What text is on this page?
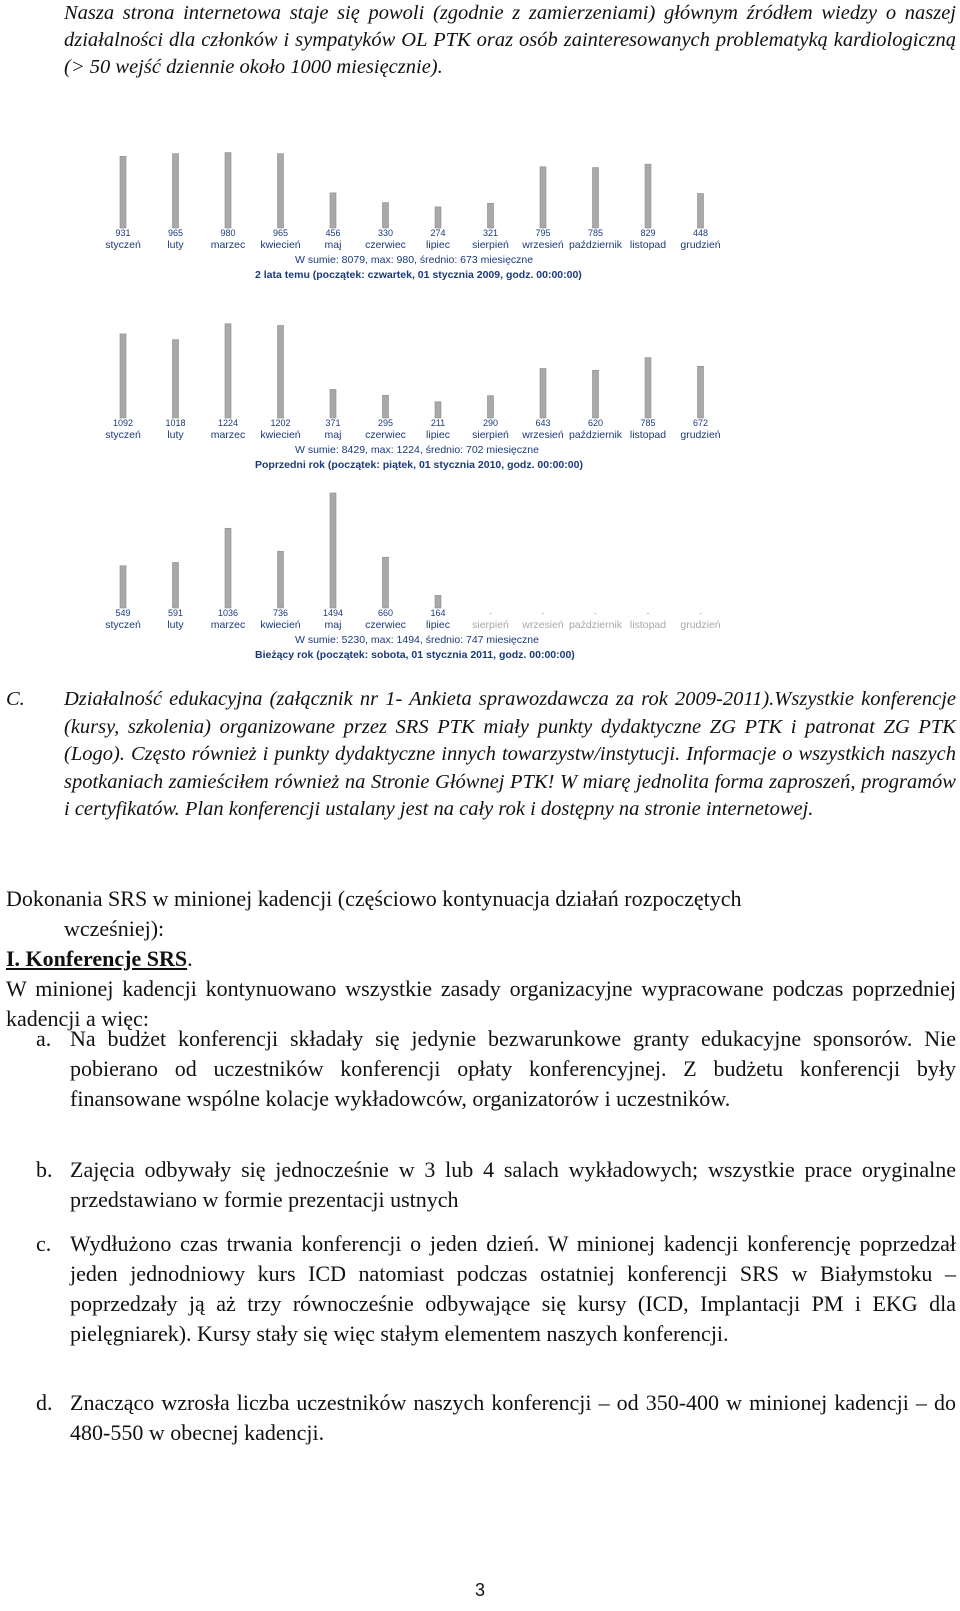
Nasza strona internetowa staje się powoli (zgodnie z zamierzeniami) głównym źródłem wiedzy o naszej działalności dla członków i sympatyków OL PTK oraz osób zainteresowanych problematyką kardiologiczną (> 50 wejść dziennie około 1000 miesięcznie).
931
styczeń
965
luty
980
marzec
965
kwiecień
456
maj
330
czerwiec
274
lipiec
321
sierpień
795
wrzesień
785
październik
829
listopad
448
grudzień
W sumie: 8079, max: 980, średnio: 673 miesięczne
2 lata temu (początek: czwartek, 01 stycznia 2009, godz. 00:00:00)
1092
styczeń
1018
luty
1224
marzec
1202
kwiecień
371
maj
295
czerwiec
211
lipiec
290
sierpień
643
wrzesień
620
październik
785
listopad
672
grudzień
W sumie: 8429, max: 1224, średnio: 702 miesięczne
Poprzedni rok (początek: piątek, 01 stycznia 2010, godz. 00:00:00)
549
styczeń
591
luty
1036
marzec
736
kwiecień
1494
maj
660
czerwiec
164
lipiec
-
sierpień
-
wrzesień
-
październik
-
listopad
-
grudzień
W sumie: 5230, max: 1494, średnio: 747 miesięczne
Bieżący rok (początek: sobota, 01 stycznia 2011, godz. 00:00:00)
C. Działalność edukacyjna (załącznik nr 1- Ankieta sprawozdawcza za rok 2009-2011).Wszystkie konferencje (kursy, szkolenia) organizowane przez SRS PTK miały punkty dydaktyczne ZG PTK i patronat ZG PTK (Logo). Często również i punkty dydaktyczne innych towarzystw/instytucji. Informacje o wszystkich naszych spotkaniach zamieściłem również na Stronie Głównej PTK! W miarę jednolita forma zaproszeń, programów i certyfikatów. Plan konferencji ustalany jest na cały rok i dostępny na stronie internetowej.
Dokonania SRS w minionej kadencji (częściowo kontynuacja działań rozpoczętych
wcześniej):
I. Konferencje SRS.
W minionej kadencji kontynuowano wszystkie zasady organizacyjne wypracowane podczas poprzedniej kadencji a więc:
a. Na budżet konferencji składały się jedynie bezwarunkowe granty edukacyjne sponsorów. Nie pobierano od uczestników konferencji opłaty konferencyjnej. Z budżetu konferencji były finansowane wspólne kolacje wykładowców, organizatorów i uczestników.
b. Zajęcia odbywały się jednocześnie w 3 lub 4 salach wykładowych; wszystkie prace oryginalne przedstawiano w formie prezentacji ustnych
c. Wydłużono czas trwania konferencji o jeden dzień. W minionej kadencji konferencję poprzedzał jeden jednodniowy kurs ICD natomiast podczas ostatniej konferencji SRS w Białymstoku – poprzedzały ją aż trzy równocześnie odbywające się kursy (ICD, Implantacji PM i EKG dla pielęgniarek). Kursy stały się więc stałym elementem naszych konferencji.
d. Znacząco wzrosła liczba uczestników naszych konferencji – od 350-400 w minionej kadencji – do 480-550 w obecnej kadencji.
3
